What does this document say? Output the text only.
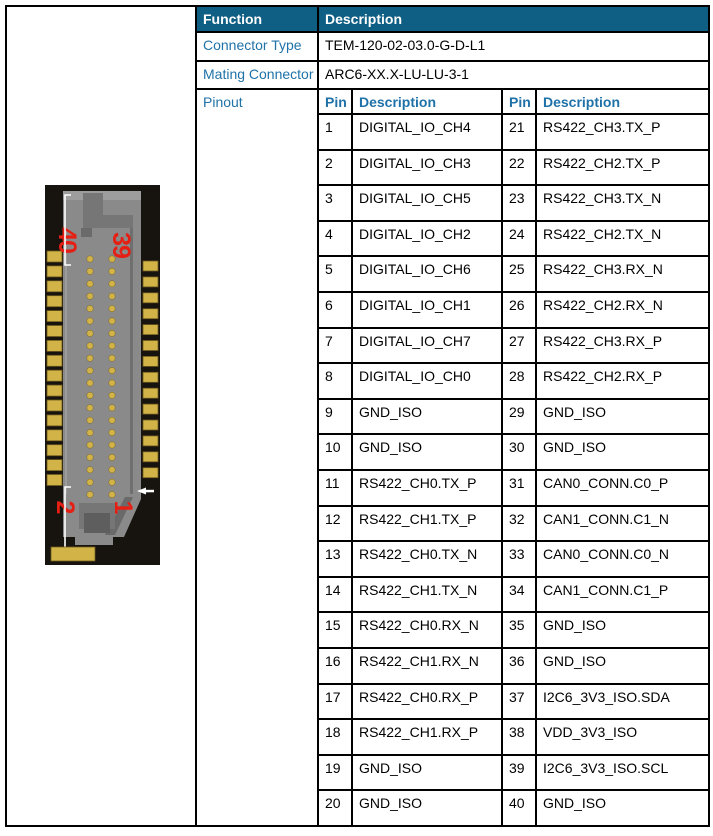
40 39
2 1	Function	Description			
	Connector Type	TEM-120-02-03.0-G-D-L1			
	Mating Connector	ARC6-XX.X-LU-LU-3-1			
	Pinout	Pin	Description	Pin	Description
		1	DIGITAL_IO_CH4	21	RS422_CH3.TX_P
		2	DIGITAL_IO_CH3	22	RS422_CH2.TX_P
		3	DIGITAL_IO_CH5	23	RS422_CH3.TX_N
		4	DIGITAL_IO_CH2	24	RS422_CH2.TX_N
		5	DIGITAL_IO_CH6	25	RS422_CH3.RX_N
		6	DIGITAL_IO_CH1	26	RS422_CH2.RX_N
		7	DIGITAL_IO_CH7	27	RS422_CH3.RX_P
		8	DIGITAL_IO_CH0	28	RS422_CH2.RX_P
		9	GND_ISO	29	GND_ISO
		10	GND_ISO	30	GND_ISO
		11	RS422_CH0.TX_P	31	CAN0_CONN.C0_P
		12	RS422_CH1.TX_P	32	CAN1_CONN.C1_N
		13	RS422_CH0.TX_N	33	CAN0_CONN.C0_N
		14	RS422_CH1.TX_N	34	CAN1_CONN.C1_P
		15	RS422_CH0.RX_N	35	GND_ISO
		16	RS422_CH1.RX_N	36	GND_ISO
		17	RS422_CH0.RX_P	37	I2C6_3V3_ISO.SDA
		18	RS422_CH1.RX_P	38	VDD_3V3_ISO
		19	GND_ISO	39	I2C6_3V3_ISO.SCL
		20	GND_ISO	40	GND_ISO
